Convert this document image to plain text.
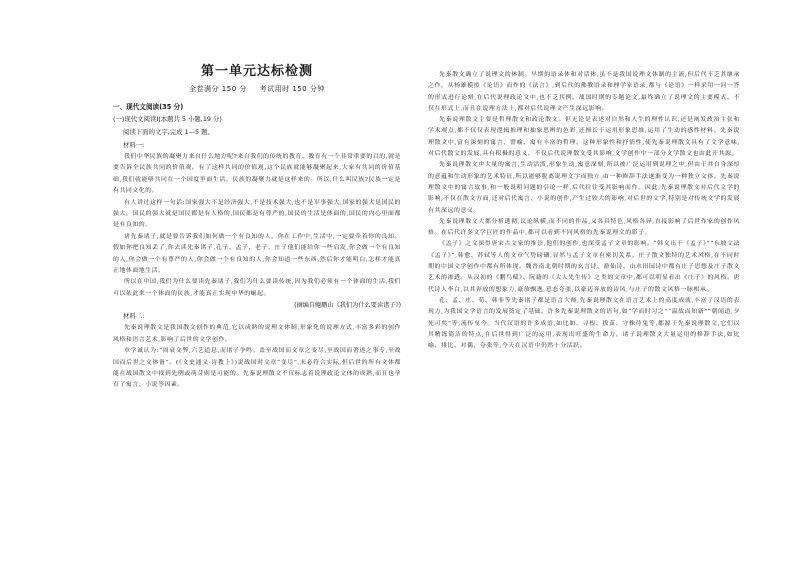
第一单元达标检测
全卷满分 150 分 考试用时 150 分钟
一、现代文阅读(35 分)
(一)现代文阅读Ⅰ(本题共 5 小题,19 分)
阅读下面的文字,完成 1—5 题。
材料一:

我们中华民族的凝聚力来自什么地方呢?来自我们的传统的教育。教育有一个非常重要的目的,就是要告诉全民族共同的价值观。有了这样共同的价值观,这个民族就能够凝聚起来,大家有共同的价值基础,我们就能够共同在一个国度里面生活。民族的凝聚力就是这样来的。所以,什么叫民族?民族一定是有共同文化的。

有人讲过这样一句话:国家强大不是经济强大,不是技术强大,也不是军事强大,国家的强大是国民的强大。国民的强大就是国民都是有人格的,国民都是有尊严的,国民的生活是体面的,国民的内心里面都是有良知的。

诸先秦诸子,就是要告诉我们如何做一个有良知的人。你在工作中,生活中,一定要牵着你的良知。假如你把良知丢了,你去读先秦诸子,孔子、孟子、老子、庄子他们能给你一些启发,你会做一个有良知的人,你会做一个有尊严的人,你会做一个有良知的人,你会知道一些东西,然后你才能明白,怎样才能真正地体面地生活。

所以在中国,我们为什么要读先秦诸子,我们为什么要读传统,因为我们必须有一个体面的生活,我们可以依此来一个体面的民族,才能真正实现中华的崛起。

(摘编自鲍鹏山《我们为什么要读诸子》)
材料二:

先秦说理散文是我国散文创作的典范,它以成熟的说理文体制,形象化的说理方式,丰富多彩的创作风格和语言艺术,影响了后世的文学创作。

章学诚认为:“周衰文弊,六艺道息,而诸子争鸣。盖至战国而文章之变尽,至战国而著述之事专,至战国而后世之文体备”。(《文史通义·诗教上》)说战国时文章“变尽”,未必符合实际,但后世的所有文体都能在战国散文中找到先例或萌芽则是可能的。先秦说理散文不仅标志着说理政论文体的成熟,而且也孕育了寓言、小说等因素。

先秦散文确立了说理文的体制。早期的语录体和对话体,虽不是我国说理文体制的主流,但后代不乏其继承之作。从杨雄模拟《论语》而作的《法言》,到后代的佛教语录和理学家语录,都与《论语》一样采用一问一答的形式进行论辩,在后代说理政论文中,也不乏其例。战国时期的专题论文,最终确立了说理文的主要模式。不仅在形式上,而且在说理方法上,都对后代说理文产生深远影响。

先秦说理散文主要是哲理散文和政论散文。但无论是表述对自然和人生的理性认识,还是阐发政治主张和学术观点,都不仅仅表现逻辑推理和抽象思辨的色彩,还擅长于运用形象思维,运用了生动的感性材料。先秦说理散文中,富有深刻的寓言、譬喻、寓有丰富的哲理。这种形象性和抒情性,使先秦说理散文具有了文学意味,对后代散文的发展,具有积极的意义。不仅后代说理散文受其影响,文学创作中一部分文学散文也由此开其源。

先秦说理散文中大量的寓言,生动活泼,形象生动,寓意深刻,所以被广泛运用到说理之中,但由于其自身深厚的意蕴和生动形象的艺术特征,所以能够脱离说理文字而独立,由一种修辞手法逐渐变为一种独立文体。先秦说理散文中的寓言故事,和一般说明问题的引论一样,后代往往受其影响而作。因此,先秦说理散文对后代文学的影响,不仅在散文方面,还对后代寓言、小说的创作,产生过较大的影响,对后世的文学,特别是对传统文学的发展有其深远的意义。

先秦说理散文大都分析透彻,议论纵横,而不同的作品,又各具特色,风格各异,直接影响了后世作家的创作风格。在后代许多文学巨匠的作品中,都可以看到不同风格的先秦说理文的影子。

《孟子》之文深得唐宋古文家的推崇,他们的创作,也深受孟子文章的影响。“韩文出于《孟子》”“东坡文法《孟子》”,韩愈、苏轼等人的文章气势磅礴,显然与孟子文章有密切关系。庄子散文独特的艺术风格,在不同时期的中国文学创作中都有所体现。魏晋南北朝时期的玄言诗、游仙诗、山水田园诗中都有庄子思想及庄子散文艺术的渗透。从汉初的《鹏鸟赋》、阮籍的《大人先生传》之类的文章中,都可以明显看出《庄子》的风格。唐代诗人李白,以其奔放的想象力,豪放飘逸,意态夸张,以豪迈奔放的诗风,与庄子的散文风格一脉相承。

孔、孟、庄、荀、韩非等先秦诸子都是语言大师,先秦说理散文在语言艺术上的高度成就,丰富了汉语的表现力,为我国文学语言的发展奠定了基础。许多先秦说理散文的语句,如“学而时习之”“温故而知新”“朝闻道,夕死可矣”等,流传至今。当代汉语的许多成语,如比如、寻根、拔苗、守株待兔等,都源于先秦说理散文,它们以其精练简洁的特点,在后世得到广泛的运用,表现出旺盛的生命力。诸子说理散文大量运用的修辞手法,如比喻、排比、对偶、夸张等,今天在汉语中仍然十分活跃。
